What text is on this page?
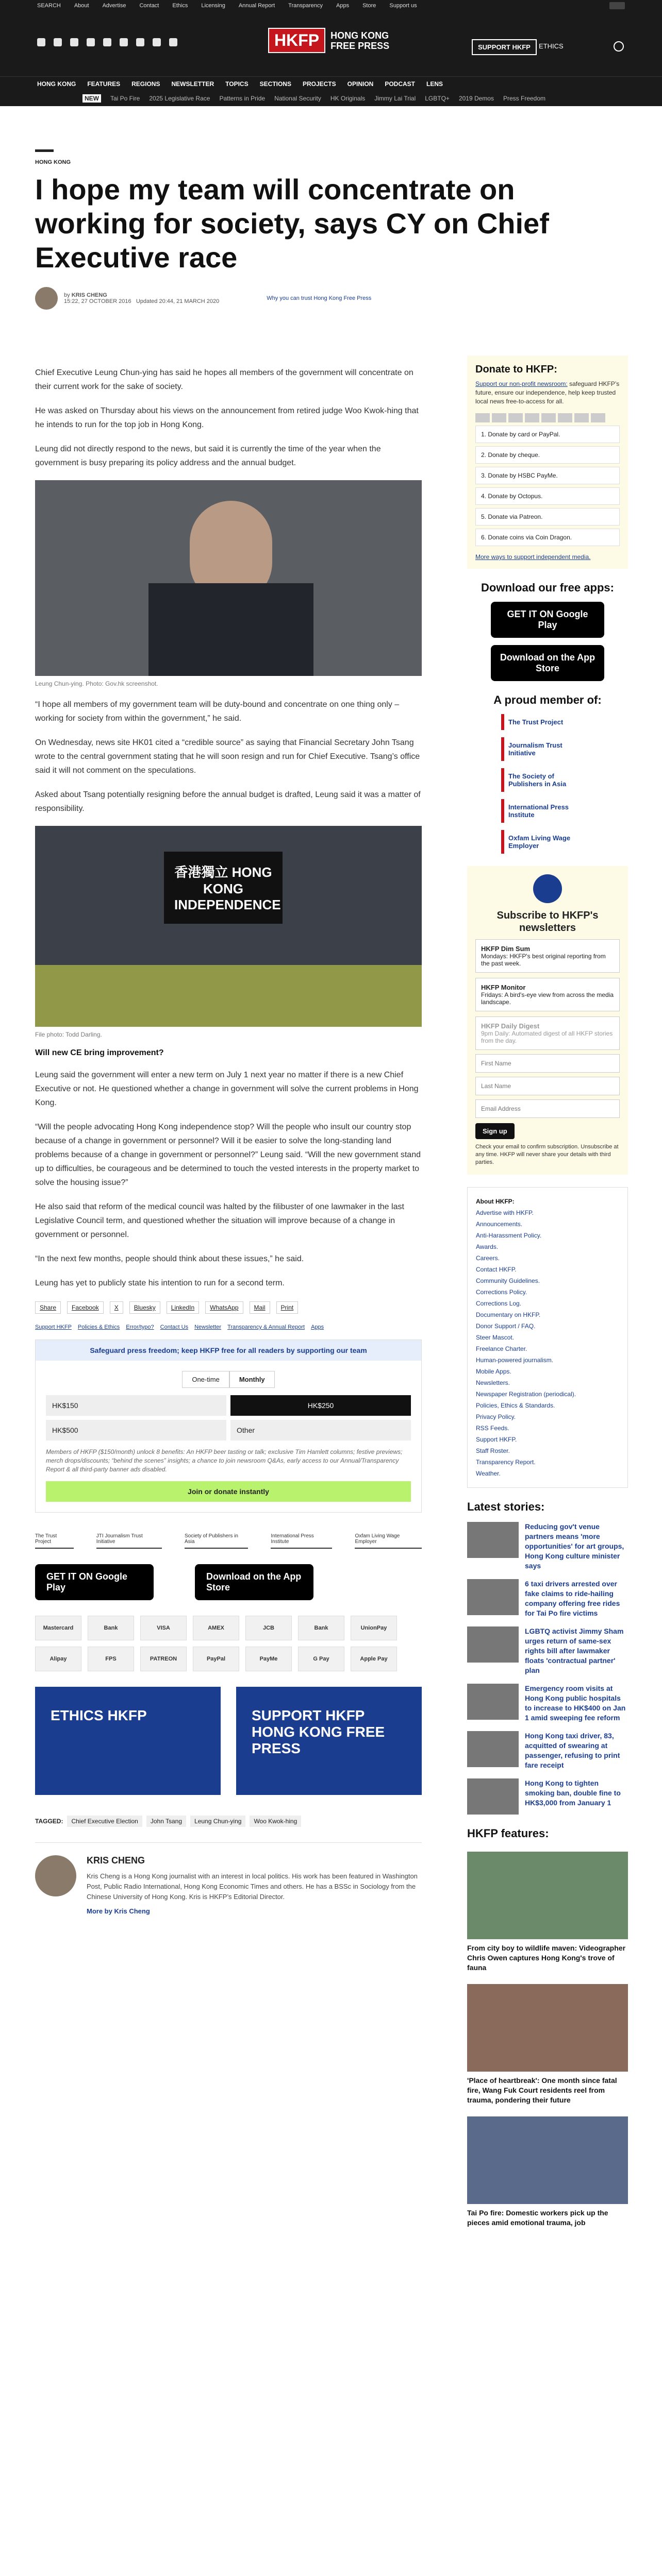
SEARCH About Advertise Contact Ethics Licensing Annual Report Transparency Apps Store Support us
HKFP	HONG KONG
FREE PRESS	SUPPORT HKFP	ETHICS
HONG KONG FEATURES REGIONS NEWSLETTER TOPICS SECTIONS PROJECTS OPINION PODCAST LENS
NEW	Tai Po Fire 2025 Legislative Race Patterns in Pride National Security HK Originals Jimmy Lai Trial LGBTQ+ 2019 Demos Press Freedom
HONG KONG
I hope my team will concentrate on working for society, says CY on Chief Executive race
by KRIS CHENG
15:22, 27 OCTOBER 2016 Updated 20:44, 21 MARCH 2020	Why you can trust Hong Kong Free Press

Chief Executive Leung Chun-ying has said he hopes all members of the government will concentrate on their current work for the sake of society.

He was asked on Thursday about his views on the announcement from retired judge Woo Kwok-hing that he intends to run for the top job in Hong Kong.

Leung did not directly respond to the news, but said it is currently the time of the year when the government is busy preparing its policy address and the annual budget.

Leung Chun-ying. Photo: Gov.hk screenshot.

“I hope all members of my government team will be duty-bound and concentrate on one thing only – working for society from within the government,” he said.

On Wednesday, news site HK01 cited a “credible source” as saying that Financial Secretary John Tsang wrote to the central government stating that he will soon resign and run for Chief Executive. Tsang’s office said it will not comment on the speculations.

Asked about Tsang potentially resigning before the annual budget is drafted, Leung said it was a matter of responsibility.

香港獨立 HONG KONG INDEPENDENCE

File photo: Todd Darling.

Will new CE bring improvement?

Leung said the government will enter a new term on July 1 next year no matter if there is a new Chief Executive or not. He questioned whether a change in government will solve the current problems in Hong Kong.

“Will the people advocating Hong Kong independence stop? Will the people who insult our country stop because of a change in government or personnel? Will it be easier to solve the long-standing land problems because of a change in government or personnel?” Leung said. “Will the new government stand up to difficulties, be courageous and be determined to touch the vested interests in the property market to solve the housing issue?”

He also said that reform of the medical council was halted by the filibuster of one lawmaker in the last Legislative Council term, and questioned whether the situation will improve because of a change in government or personnel.

“In the next few months, people should think about these issues,” he said.

Leung has yet to publicly state his intention to run for a second term.

Share	Facebook	X	Bluesky	LinkedIn	WhatsApp	Mail	Print
Support HKFP Policies & Ethics Error/typo? Contact Us Newsletter Transparency & Annual Report Apps
Safeguard press freedom; keep HKFP free for all readers by supporting our team
One-time	Monthly
HK$150	HK$250
HK$500	Other

Members of HKFP ($150/month) unlock 8 benefits: An HKFP beer tasting or talk; exclusive Tim Hamlett columns; festive previews; merch drops/discounts; “behind the scenes” insights; a chance to join newsroom Q&As, early access to our Annual/Transparency Report & all third-party banner ads disabled.

Join or donate instantly
The Trust Project
JTI Journalism Trust Initiative
Society of Publishers in Asia
International Press Institute
Oxfam Living Wage Employer
GET IT ON Google Play
Download on the App Store
Mastercard	Bank	VISA	AMEX	JCB	Bank	UnionPay
Alipay	FPS	PATREON	PayPal	PayMe	G Pay	Apple Pay
ETHICS HKFP	SUPPORT HKFP HONG KONG FREE PRESS
TAGGED:	Chief Executive Election	John Tsang	Leung Chun-ying	Woo Kwok-hing
KRIS CHENG

Kris Cheng is a Hong Kong journalist with an interest in local politics. His work has been featured in Washington Post, Public Radio International, Hong Kong Economic Times and others. He has a BSSc in Sociology from the Chinese University of Hong Kong. Kris is HKFP’s Editorial Director.

More by Kris Cheng
Donate to HKFP:

Support our non-profit newsroom: safeguard HKFP’s future, ensure our independence, help keep trusted local news free-to-access for all.

1. Donate by card or PayPal.
2. Donate by cheque.
3. Donate by HSBC PayMe.
4. Donate by Octopus.
5. Donate via Patreon.
6. Donate coins via Coin Dragon.
More ways to support independent media.
Download our free apps:
GET IT ON Google Play
Download on the App Store
A proud member of:
The Trust Project
Journalism Trust Initiative
The Society of Publishers in Asia
International Press Institute
Oxfam Living Wage Employer
Subscribe to HKFP's newsletters
HKFP Dim Sum
Mondays: HKFP's best original reporting from the past week.
HKFP Monitor
Fridays: A bird's-eye view from across the media landscape.
HKFP Daily Digest
9pm Daily: Automated digest of all HKFP stories from the day.
First Name Last Name Email Address Sign up

Check your email to confirm subscription. Unsubscribe at any time. HKFP will never share your details with third parties.

About HKFP:
Advertise with HKFP.
Announcements.
Anti-Harassment Policy.
Awards.
Careers.
Contact HKFP.
Community Guidelines.
Corrections Policy.
Corrections Log.
Documentary on HKFP.
Donor Support / FAQ.
Steer Mascot.
Freelance Charter.
Human-powered journalism.
Mobile Apps.
Newsletters.
Newspaper Registration (periodical).
Policies, Ethics & Standards.
Privacy Policy.
RSS Feeds.
Support HKFP.
Staff Roster.
Transparency Report.
Weather.
Latest stories:
Reducing gov't venue partners means 'more opportunities' for art groups, Hong Kong culture minister says
6 taxi drivers arrested over fake claims to ride-hailing company offering free rides for Tai Po fire victims
LGBTQ activist Jimmy Sham urges return of same-sex rights bill after lawmaker floats 'contractual partner' plan
Emergency room visits at Hong Kong public hospitals to increase to HK$400 on Jan 1 amid sweeping fee reform
Hong Kong taxi driver, 83, acquitted of swearing at passenger, refusing to print fare receipt
Hong Kong to tighten smoking ban, double fine to HK$3,000 from January 1
HKFP features:
From city boy to wildlife maven: Videographer Chris Owen captures Hong Kong's trove of fauna
'Place of heartbreak': One month since fatal fire, Wang Fuk Court residents reel from trauma, pondering their future
Tai Po fire: Domestic workers pick up the pieces amid emotional trauma, job
